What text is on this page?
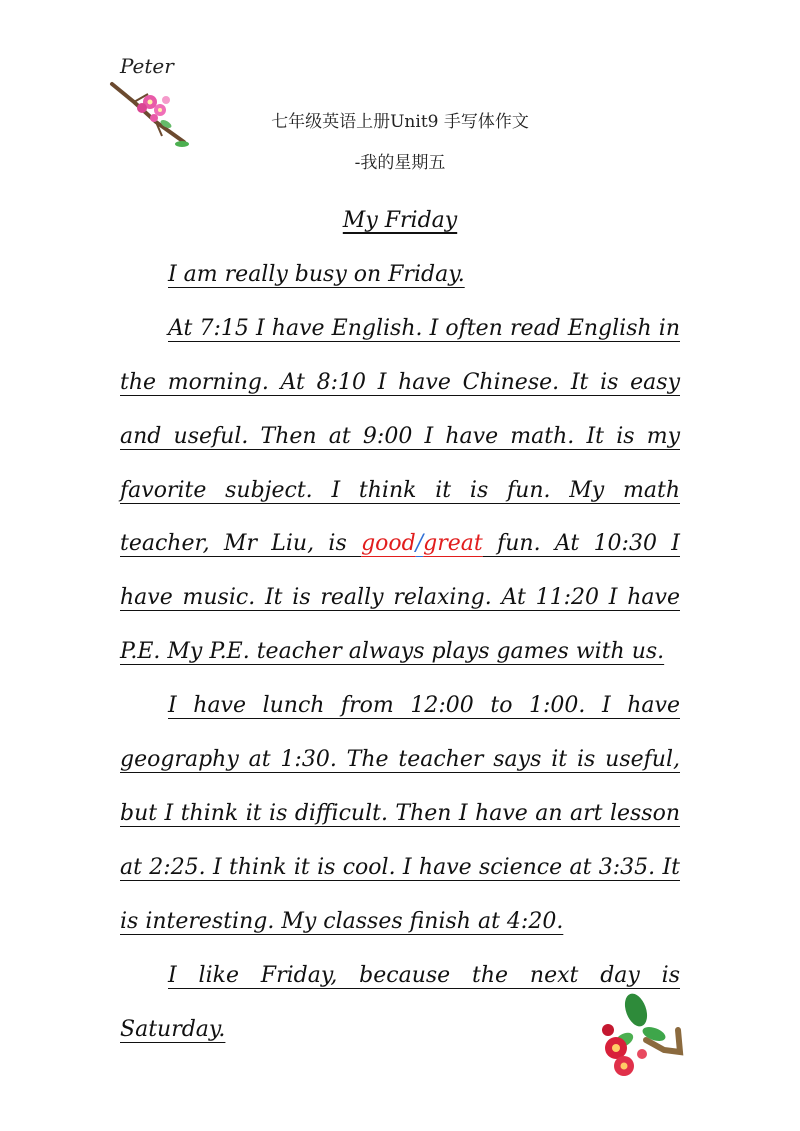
Peter
七年级英语上册Unit9 手写体作文
-我的星期五

My Friday

I am really busy on Friday.

At 7:15 I have English. I often read English in the morning. At 8:10 I have Chinese. It is easy and useful. Then at 9:00 I have math. It is my favorite subject. I think it is fun. My math teacher, Mr Liu, is good/great fun. At 10:30 I have music. It is really relaxing. At 11:20 I have P.E. My P.E. teacher always plays games with us.

I have lunch from 12:00 to 1:00. I have geography at 1:30. The teacher says it is useful, but I think it is difficult. Then I have an art lesson at 2:25. I think it is cool. I have science at 3:35. It is interesting. My classes finish at 4:20.

I like Friday, because the next day is Saturday.
